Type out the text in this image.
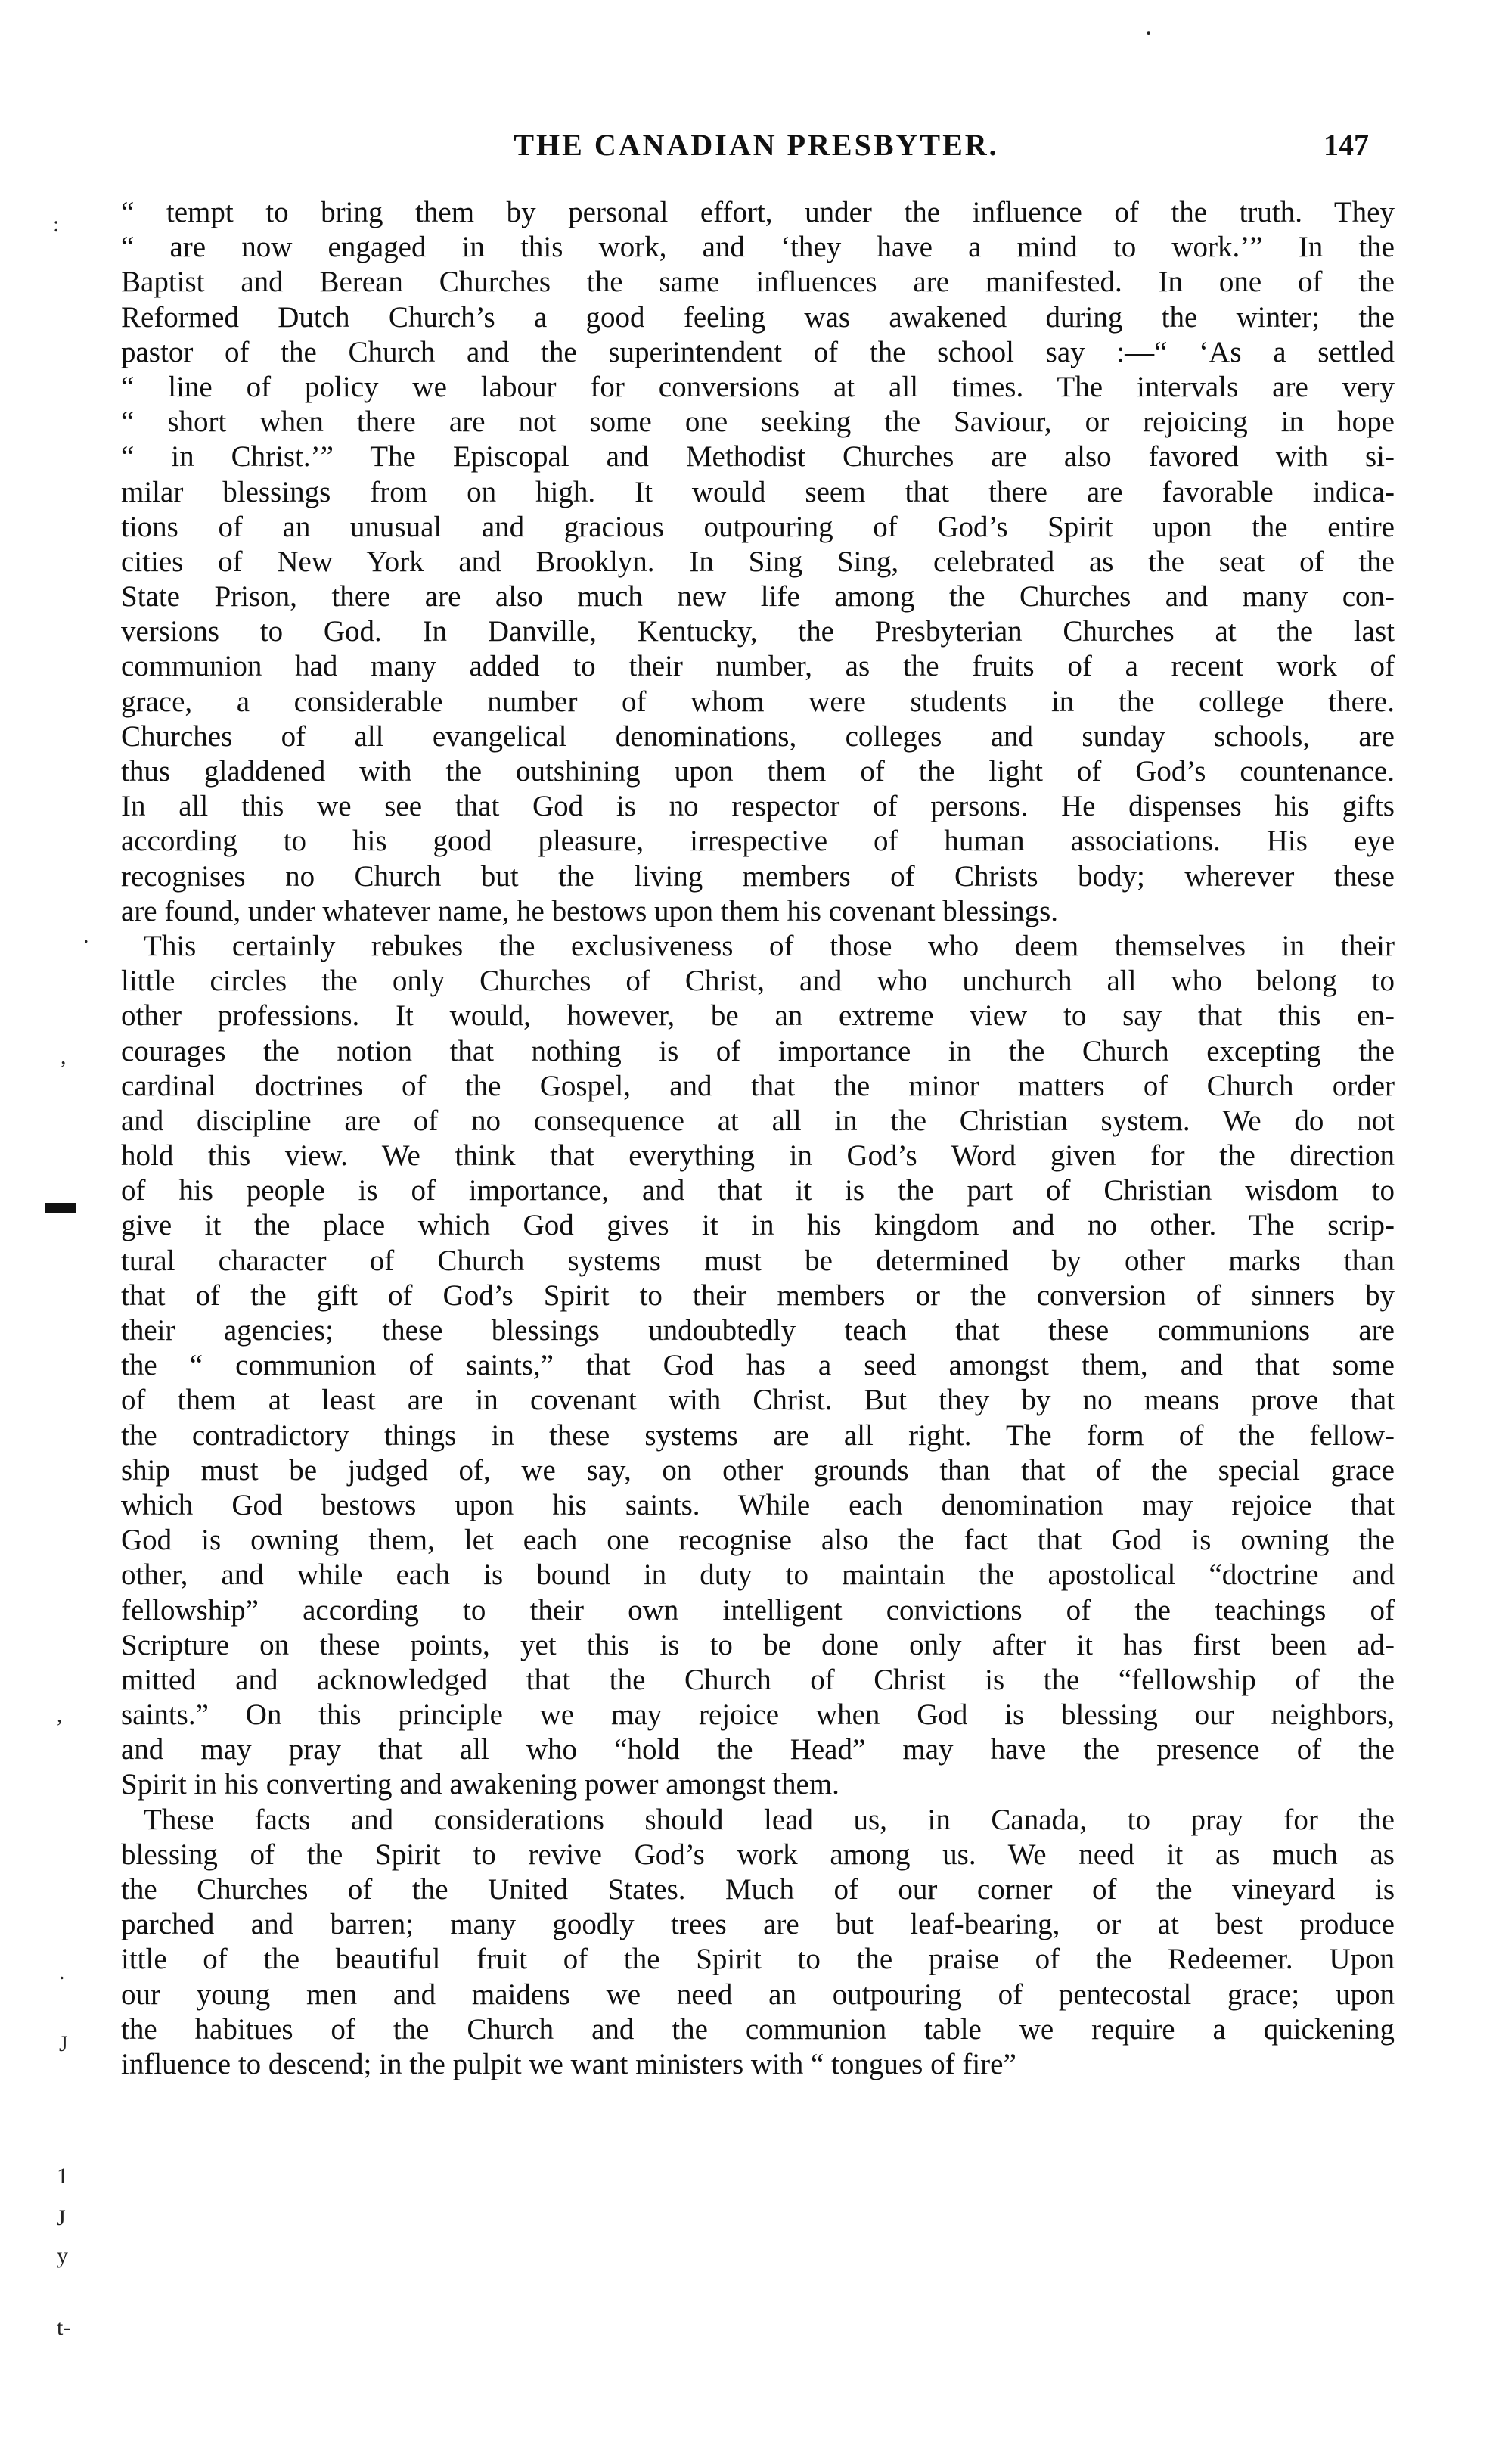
·
THE CANADIAN PRESBYTER.	147
:
.
,
,
.
J
1
J
y
t-
“ tempt to bring them by personal effort, under the influence of the truth. They
“ are now engaged in this work, and ‘they have a mind to work.’” In the
Baptist and Berean Churches the same influences are manifested. In one of the
Reformed Dutch Church’s a good feeling was awakened during the winter; the
pastor of the Church and the superintendent of the school say :—“ ‘As a settled
“ line of policy we labour for conversions at all times. The intervals are very
“ short when there are not some one seeking the Saviour, or rejoicing in hope
“ in Christ.’” The Episcopal and Methodist Churches are also favored with si-
milar blessings from on high. It would seem that there are favorable indica-
tions of an unusual and gracious outpouring of God’s Spirit upon the entire
cities of New York and Brooklyn. In Sing Sing, celebrated as the seat of the
State Prison, there are also much new life among the Churches and many con-
versions to God. In Danville, Kentucky, the Presbyterian Churches at the last
communion had many added to their number, as the fruits of a recent work of
grace, a considerable number of whom were students in the college there.
Churches of all evangelical denominations, colleges and sunday schools, are
thus gladdened with the outshining upon them of the light of God’s countenance.
In all this we see that God is no respector of persons. He dispenses his gifts
according to his good pleasure, irrespective of human associations. His eye
recognises no Church but the living members of Christs body; wherever these
are found, under whatever name, he bestows upon them his covenant blessings.
This certainly rebukes the exclusiveness of those who deem themselves in their
little circles the only Churches of Christ, and who unchurch all who belong to
other professions. It would, however, be an extreme view to say that this en-
courages the notion that nothing is of importance in the Church excepting the
cardinal doctrines of the Gospel, and that the minor matters of Church order
and discipline are of no consequence at all in the Christian system. We do not
hold this view. We think that everything in God’s Word given for the direction
of his people is of importance, and that it is the part of Christian wisdom to
give it the place which God gives it in his kingdom and no other. The scrip-
tural character of Church systems must be determined by other marks than
that of the gift of God’s Spirit to their members or the conversion of sinners by
their agencies; these blessings undoubtedly teach that these communions are
the “ communion of saints,” that God has a seed amongst them, and that some
of them at least are in covenant with Christ. But they by no means prove that
the contradictory things in these systems are all right. The form of the fellow-
ship must be judged of, we say, on other grounds than that of the special grace
which God bestows upon his saints. While each denomination may rejoice that
God is owning them, let each one recognise also the fact that God is owning the
other, and while each is bound in duty to maintain the apostolical “doctrine and
fellowship” according to their own intelligent convictions of the teachings of
Scripture on these points, yet this is to be done only after it has first been ad-
mitted and acknowledged that the Church of Christ is the “fellowship of the
saints.” On this principle we may rejoice when God is blessing our neighbors,
and may pray that all who “hold the Head” may have the presence of the
Spirit in his converting and awakening power amongst them.
These facts and considerations should lead us, in Canada, to pray for the
blessing of the Spirit to revive God’s work among us. We need it as much as
the Churches of the United States. Much of our corner of the vineyard is
parched and barren; many goodly trees are but leaf-bearing, or at best produce
ittle of the beautiful fruit of the Spirit to the praise of the Redeemer. Upon
our young men and maidens we need an outpouring of pentecostal grace; upon
the habitues of the Church and the communion table we require a quickening
influence to descend; in the pulpit we want ministers with “ tongues of fire”
